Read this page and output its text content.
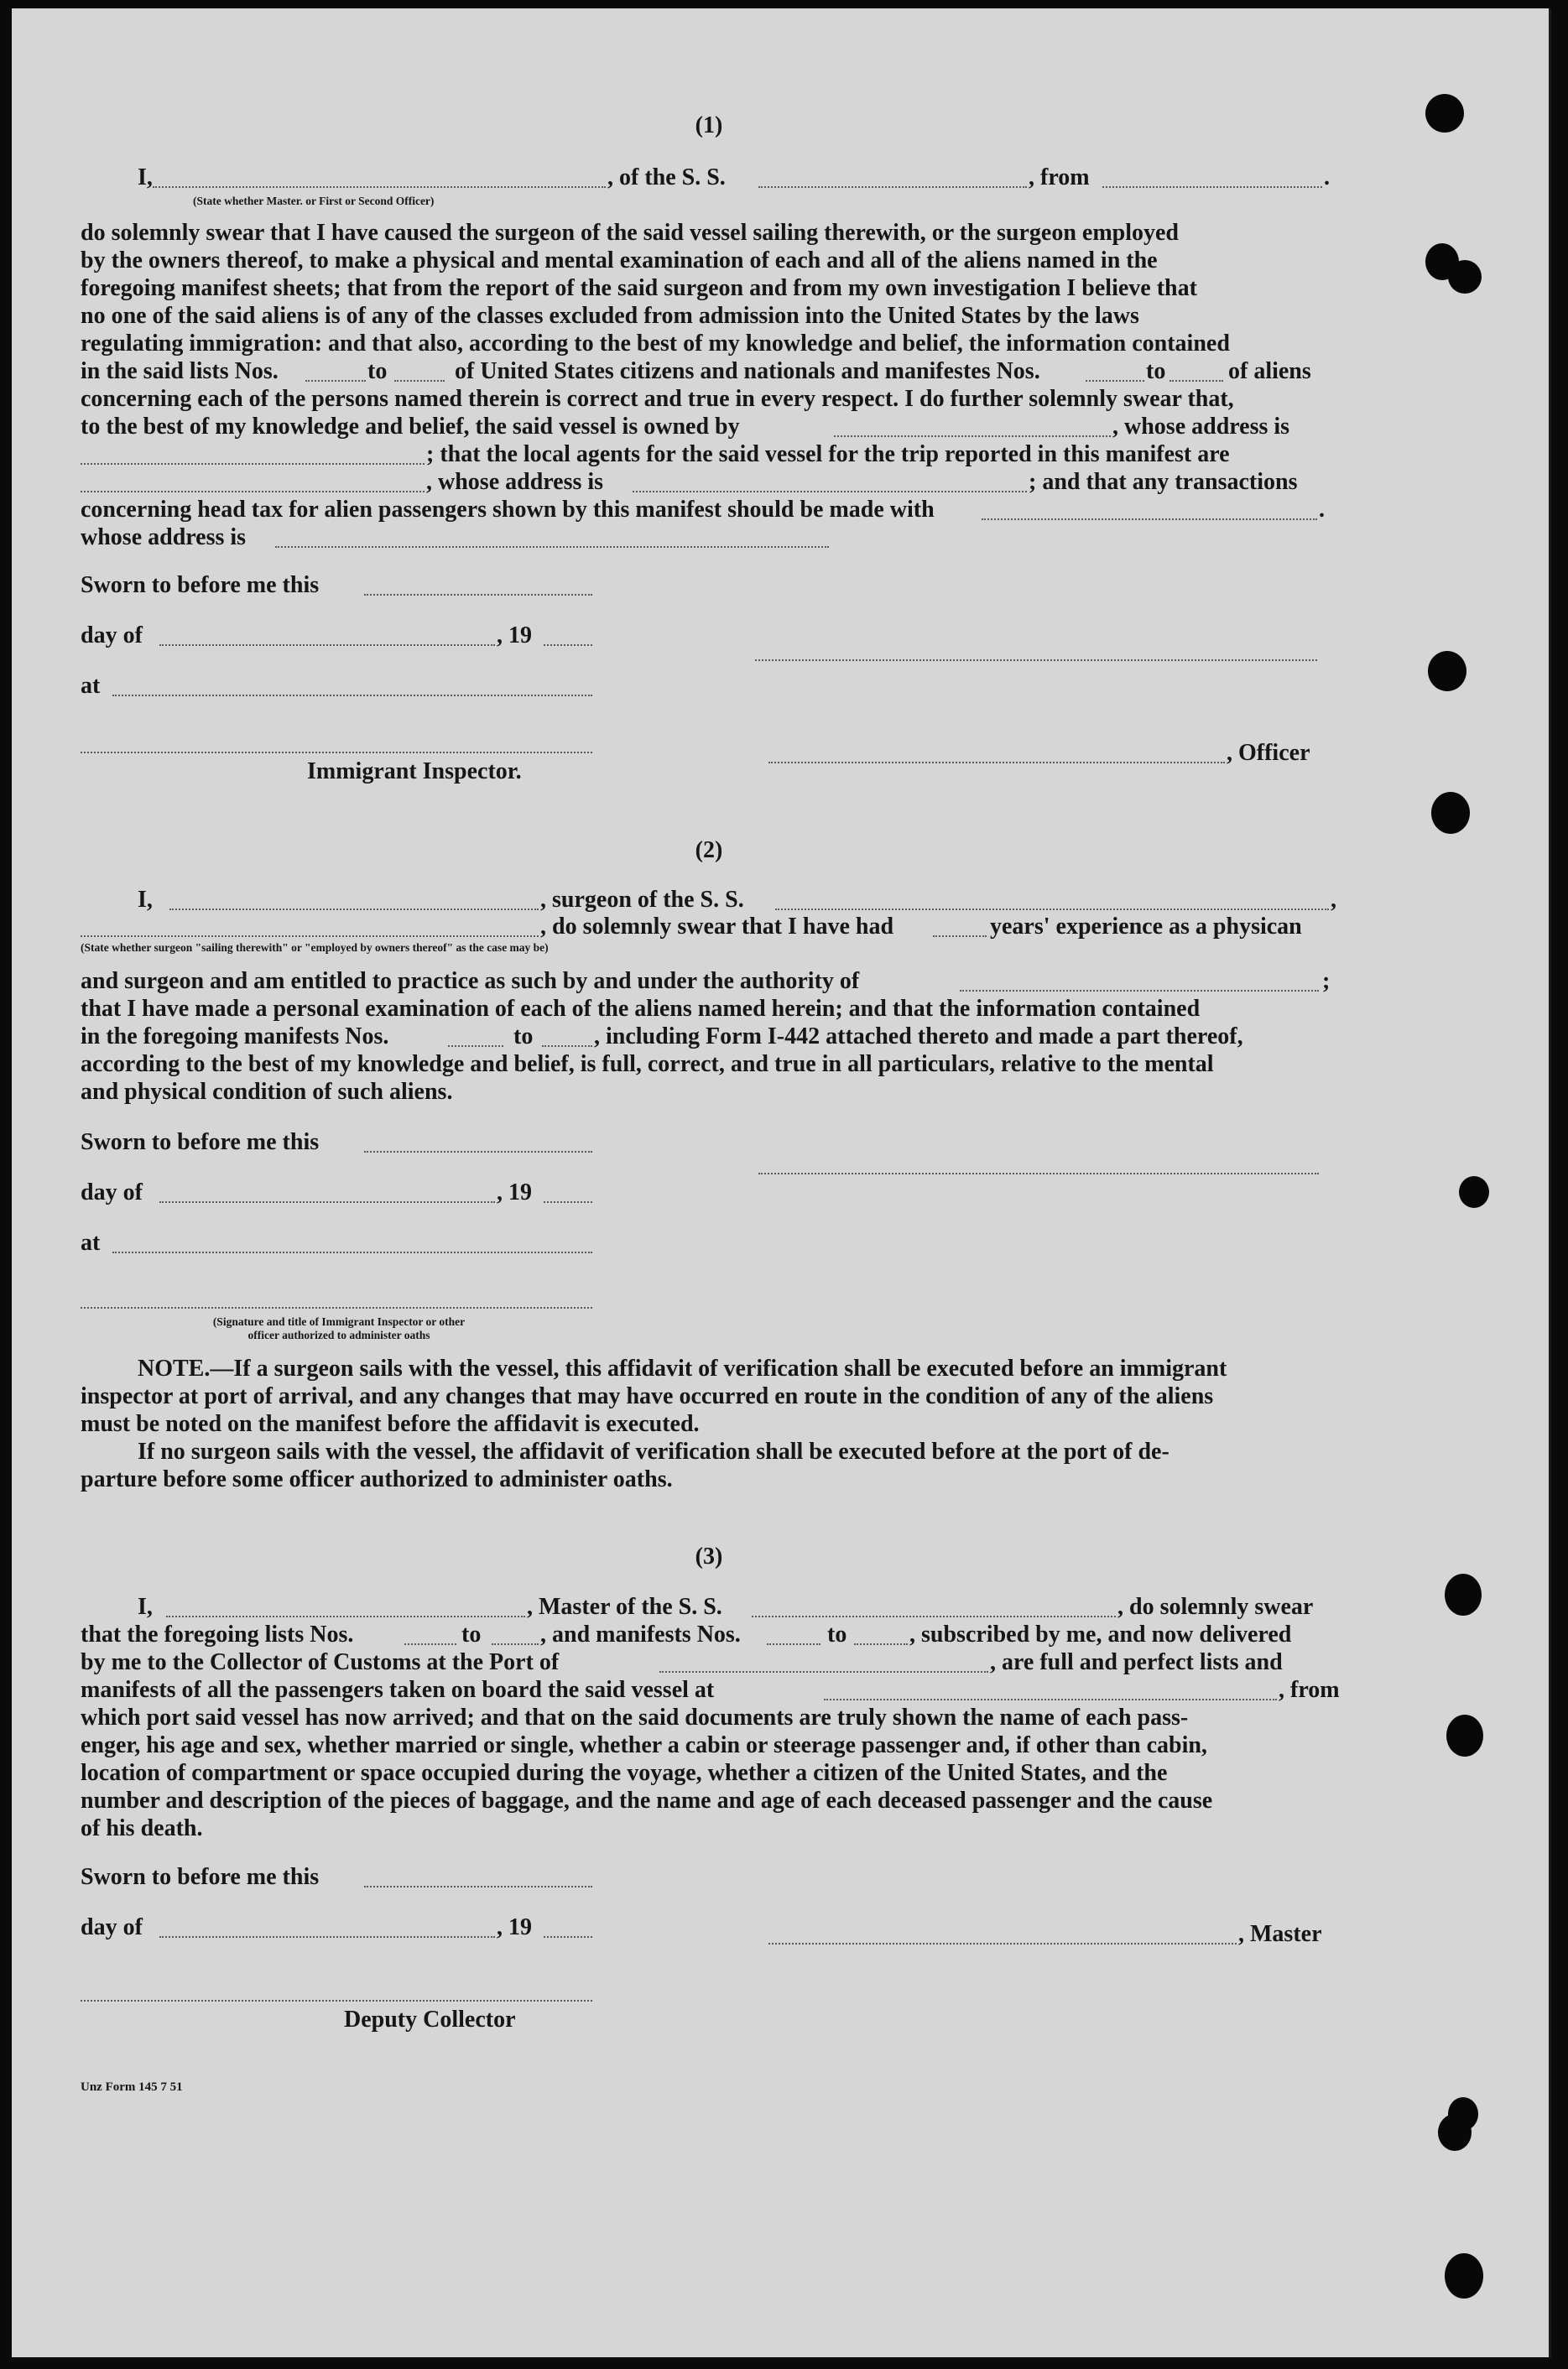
(1)
I,	, of the S. S.	, from	.
(State whether Master. or First or Second Officer)
do solemnly swear that I have caused the surgeon of the said vessel sailing therewith, or the surgeon employed
by the owners thereof, to make a physical and mental examination of each and all of the aliens named in the
foregoing manifest sheets; that from the report of the said surgeon and from my own investigation I believe that
no one of the said aliens is of any of the classes excluded from admission into the United States by the laws
regulating immigration: and that also, according to the best of my knowledge and belief, the information contained
in the said lists Nos.	to	of United States citizens and nationals and manifestes Nos.	to	of aliens
concerning each of the persons named therein is correct and true in every respect. I do further solemnly swear that,
to the best of my knowledge and belief, the said vessel is owned by	, whose address is
; that the local agents for the said vessel for the trip reported in this manifest are
, whose address is	; and that any transactions
concerning head tax for alien passengers shown by this manifest should be made with	.
whose address is
Sworn to before me this
day of	, 19
at
, Officer
Immigrant Inspector.
(2)
I,	, surgeon of the S. S.	,
, do solemnly swear that I have had	years' experience as a physican
(State whether surgeon "sailing therewith" or "employed by owners thereof" as the case may be)
and surgeon and am entitled to practice as such by and under the authority of	;
that I have made a personal examination of each of the aliens named herein; and that the information contained
in the foregoing manifests Nos.	to	, including Form I-442 attached thereto and made a part thereof,
according to the best of my knowledge and belief, is full, correct, and true in all particulars, relative to the mental
and physical condition of such aliens.
Sworn to before me this
day of	, 19
at
(Signature and title of Immigrant Inspector or other
officer authorized to administer oaths
NOTE.—If a surgeon sails with the vessel, this affidavit of verification shall be executed before an immigrant
inspector at port of arrival, and any changes that may have occurred en route in the condition of any of the aliens
must be noted on the manifest before the affidavit is executed.
If no surgeon sails with the vessel, the affidavit of verification shall be executed before at the port of de-
parture before some officer authorized to administer oaths.
(3)
I,	, Master of the S. S.	, do solemnly swear
that the foregoing lists Nos.	to	, and manifests Nos.	to	, subscribed by me, and now delivered
by me to the Collector of Customs at the Port of	, are full and perfect lists and
manifests of all the passengers taken on board the said vessel at	, from
which port said vessel has now arrived; and that on the said documents are truly shown the name of each pass-
enger, his age and sex, whether married or single, whether a cabin or steerage passenger and, if other than cabin,
location of compartment or space occupied during the voyage, whether a citizen of the United States, and the
number and description of the pieces of baggage, and the name and age of each deceased passenger and the cause
of his death.
Sworn to before me this
day of	, 19	, Master
Deputy Collector
Unz Form 145 7 51
